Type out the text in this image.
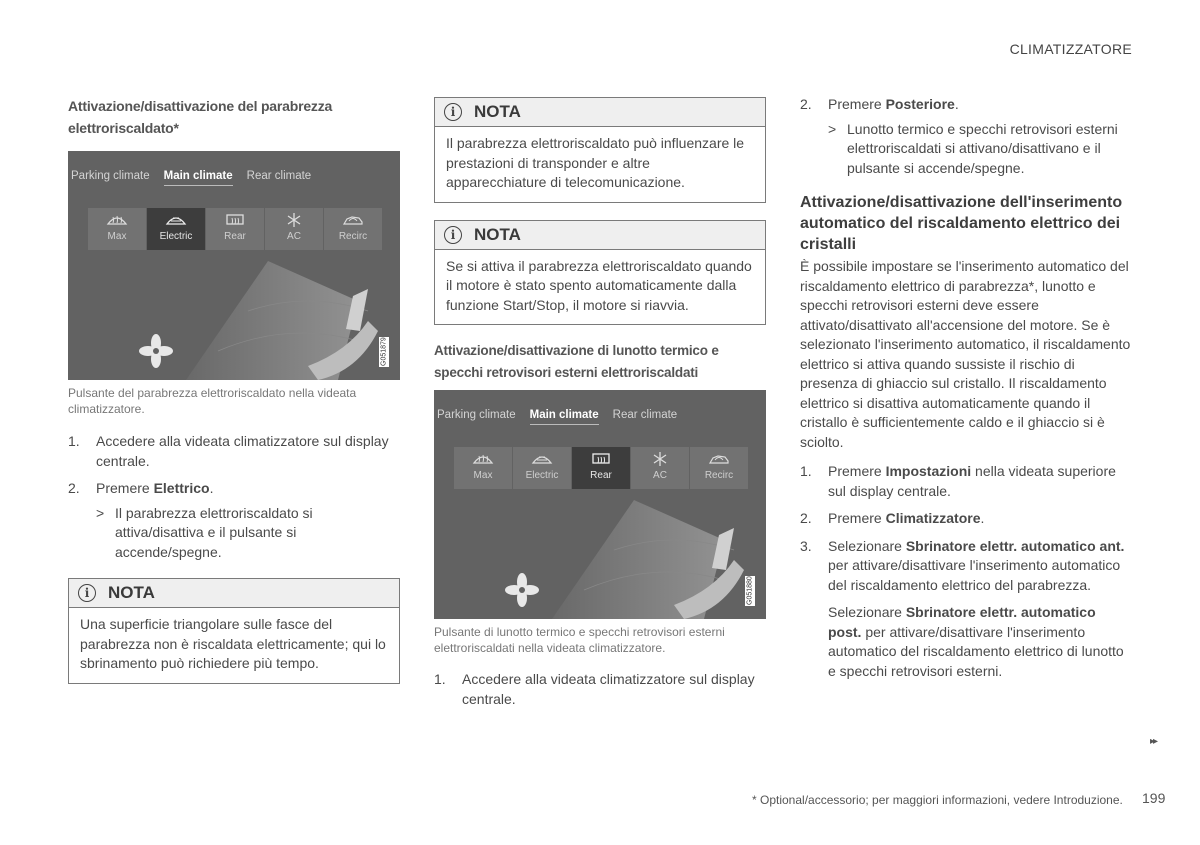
CLIMATIZZATORE
Attivazione/disattivazione del parabrezza elettroriscaldato*
Parking climate Main climate Rear climate
Max	Electric	Rear	AC	Recirc
G051879

Pulsante del parabrezza elettroriscaldato nella videata climatizzatore.

1. Accedere alla videata climatizzatore sul display centrale.
2. Premere Elettrico.
> Il parabrezza elettroriscaldato si attiva/disattiva e il pulsante si accende/spegne.
i	NOTA
Una superficie triangolare sulle fasce del parabrezza non è riscaldata elettricamente; qui lo sbrinamento può richiedere più tempo.
i	NOTA
Il parabrezza elettroriscaldato può influenzare le prestazioni di transponder e altre apparecchiature di telecomunicazione.
i	NOTA
Se si attiva il parabrezza elettroriscaldato quando il motore è stato spento automaticamente dalla funzione Start/Stop, il motore si riavvia.
Attivazione/disattivazione di lunotto termico e specchi retrovisori esterni elettroriscaldati
Parking climate Main climate Rear climate
Max	Electric	Rear	AC	Recirc
G051880

Pulsante di lunotto termico e specchi retrovisori esterni elettroriscaldati nella videata climatizzatore.

1. Accedere alla videata climatizzatore sul display centrale.
2. Premere Posteriore.
> Lunotto termico e specchi retrovisori esterni elettroriscaldati si attivano/disattivano e il pulsante si accende/spegne.
Attivazione/disattivazione dell'inserimento automatico del riscaldamento elettrico dei cristalli

È possibile impostare se l'inserimento automatico del riscaldamento elettrico di parabrezza*, lunotto e specchi retrovisori esterni deve essere attivato/disattivato all'accensione del motore. Se è selezionato l'inserimento automatico, il riscaldamento elettrico si attiva quando sussiste il rischio di presenza di ghiaccio sul cristallo. Il riscaldamento elettrico si disattiva automaticamente quando il cristallo è sufficientemente caldo e il ghiaccio si è sciolto.

1. Premere Impostazioni nella videata superiore sul display centrale.
2. Premere Climatizzatore.
3. Selezionare Sbrinatore elettr. automatico ant. per attivare/disattivare l'inserimento automatico del riscaldamento elettrico del parabrezza.
Selezionare Sbrinatore elettr. automatico post. per attivare/disattivare l'inserimento automatico del riscaldamento elettrico di lunotto e specchi retrovisori esterni.
▸▸
* Optional/accessorio; per maggiori informazioni, vedere Introduzione. 199
